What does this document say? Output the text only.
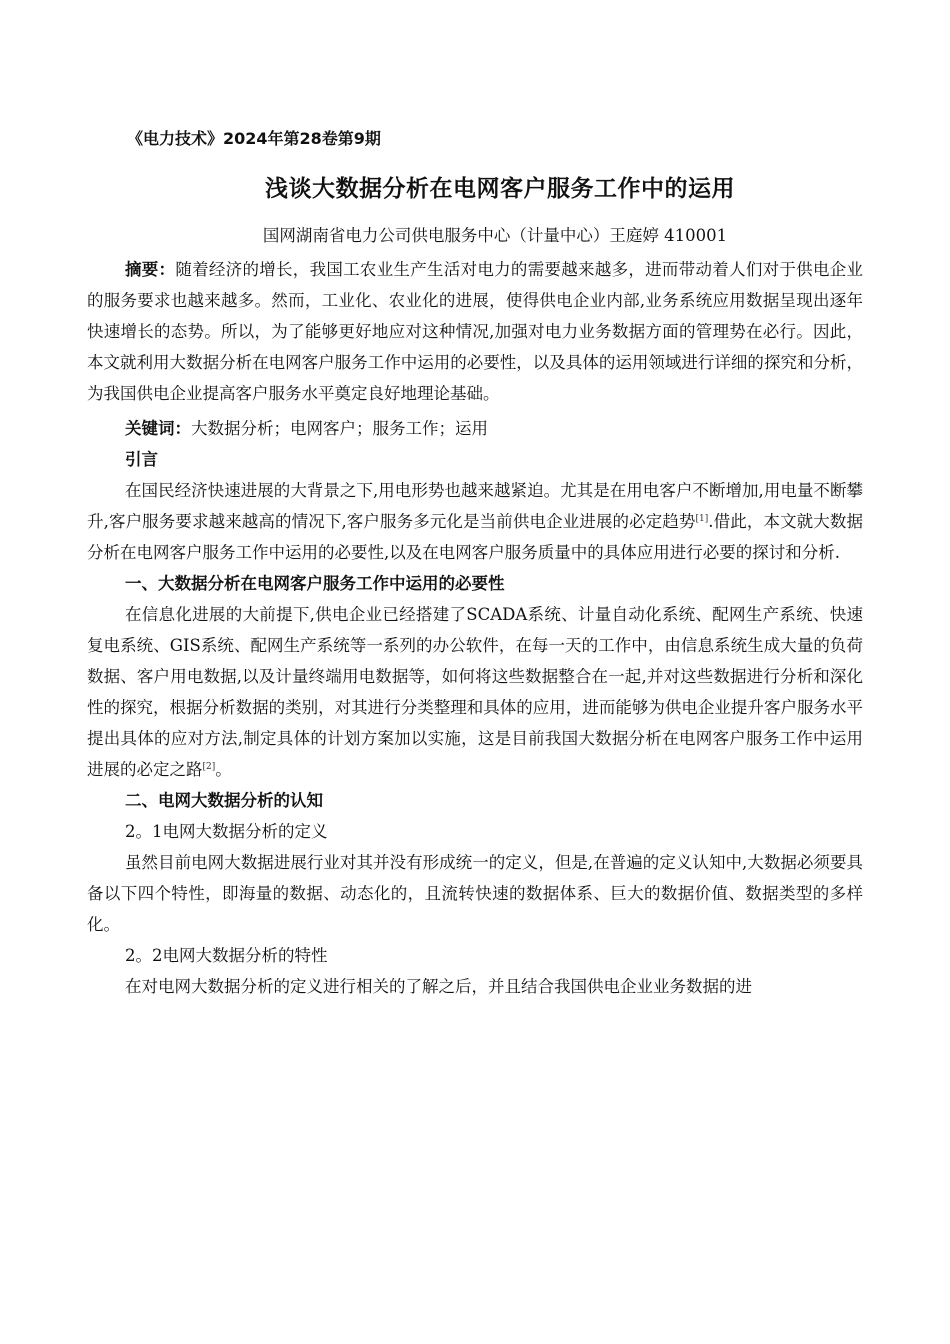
《电力技术》2024年第28卷第9期
浅谈大数据分析在电网客户服务工作中的运用
国网湖南省电力公司供电服务中心（计量中心）王庭婷 410001

摘要：随着经济的增长，我国工农业生产生活对电力的需要越来越多，进而带动着人们对于供电企业的服务要求也越来越多。然而，工业化、农业化的进展，使得供电企业内部,业务系统应用数据呈现出逐年快速增长的态势。所以，为了能够更好地应对这种情况,加强对电力业务数据方面的管理势在必行。因此，本文就利用大数据分析在电网客户服务工作中运用的必要性，以及具体的运用领域进行详细的探究和分析，为我国供电企业提高客户服务水平奠定良好地理论基础。

关键词：大数据分析；电网客户；服务工作；运用

引言

在国民经济快速进展的大背景之下,用电形势也越来越紧迫。尤其是在用电客户不断增加,用电量不断攀升,客户服务要求越来越高的情况下,客户服务多元化是当前供电企业进展的必定趋势[1].借此，本文就大数据分析在电网客户服务工作中运用的必要性,以及在电网客户服务质量中的具体应用进行必要的探讨和分析.

一、大数据分析在电网客户服务工作中运用的必要性

在信息化进展的大前提下,供电企业已经搭建了SCADA系统、计量自动化系统、配网生产系统、快速复电系统、GIS系统、配网生产系统等一系列的办公软件，在每一天的工作中，由信息系统生成大量的负荷数据、客户用电数据,以及计量终端用电数据等，如何将这些数据整合在一起,并对这些数据进行分析和深化性的探究，根据分析数据的类别，对其进行分类整理和具体的应用，进而能够为供电企业提升客户服务水平提出具体的应对方法,制定具体的计划方案加以实施，这是目前我国大数据分析在电网客户服务工作中运用进展的必定之路[2]。

二、电网大数据分析的认知

2。1电网大数据分析的定义

虽然目前电网大数据进展行业对其并没有形成统一的定义，但是,在普遍的定义认知中,大数据必须要具备以下四个特性，即海量的数据、动态化的，且流转快速的数据体系、巨大的数据价值、数据类型的多样化。

2。2电网大数据分析的特性

在对电网大数据分析的定义进行相关的了解之后，并且结合我国供电企业业务数据的进
